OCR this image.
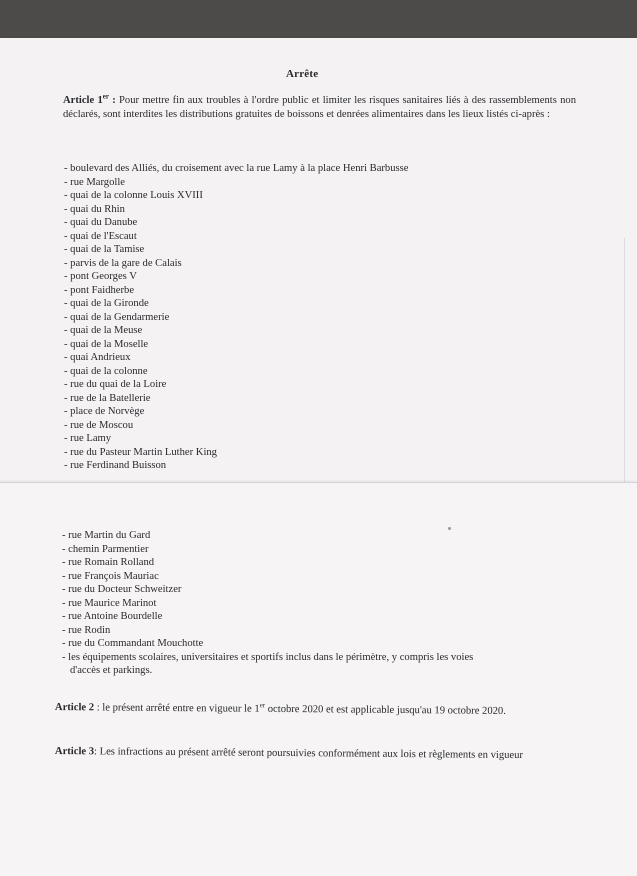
Arrête

Article 1er : Pour mettre fin aux troubles à l'ordre public et limiter les risques sanitaires liés à des rassemblements non déclarés, sont interdites les distributions gratuites de boissons et denrées alimentaires dans les lieux listés ci-après :

- boulevard des Alliés, du croisement avec la rue Lamy à la place Henri Barbusse
- rue Margolle
- quai de la colonne Louis XVIII
- quai du Rhin
- quai du Danube
- quai de l'Escaut
- quai de la Tamise
- parvis de la gare de Calais
- pont Georges V
- pont Faidherbe
- quai de la Gironde
- quai de la Gendarmerie
- quai de la Meuse
- quai de la Moselle
- quai Andrieux
- quai de la colonne
- rue du quai de la Loire
- rue de la Batellerie
- place de Norvège
- rue de Moscou
- rue Lamy
- rue du Pasteur Martin Luther King
- rue Ferdinand Buisson
- rue Martin du Gard
- chemin Parmentier
- rue Romain Rolland
- rue François Mauriac
- rue du Docteur Schweitzer
- rue Maurice Marinot
- rue Antoine Bourdelle
- rue Rodin
- rue du Commandant Mouchotte
- les équipements scolaires, universitaires et sportifs inclus dans le périmètre, y compris les voies
d'accès et parkings.

Article 2 : le présent arrêté entre en vigueur le 1er octobre 2020 et est applicable jusqu'au 19 octobre 2020.

Article 3: Les infractions au présent arrêté seront poursuivies conformément aux lois et règlements en vigueur
